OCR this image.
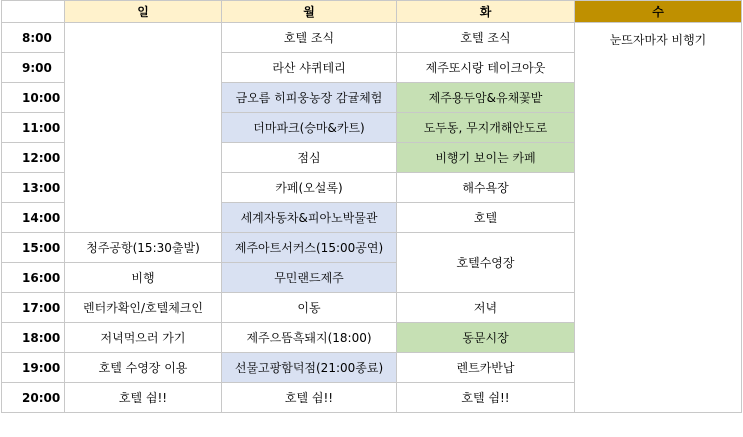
	일	월	화	수
8:00		호텔 조식	호텔 조식	눈뜨자마자 비행기
9:00		라산 샤퀴테리	제주또시랑 테이크아웃	
10:00		금오름 히피웅농장 감귤체험	제주용두암&유채꽃밭	
11:00		더마파크(승마&카트)	도두동, 무지개해안도로	
12:00		점심	비행기 보이는 카페	
13:00		카페(오설록)	해수욕장	
14:00		세계자동차&피아노박물관	호텔	
15:00	청주공항(15:30출발)	제주아트서커스(15:00공연)	호텔수영장	
16:00	비행	무민랜드제주		
17:00	렌터카확인/호텔체크인	이동	저녁	
18:00	저녁먹으러 가기	제주으뜸흑돼지(18:00)	동문시장	
19:00	호텔 수영장 이용	선물고팡함덕점(21:00종료)	렌트카반납	
20:00	호텔 쉼!!	호텔 쉼!!	호텔 쉼!!	
